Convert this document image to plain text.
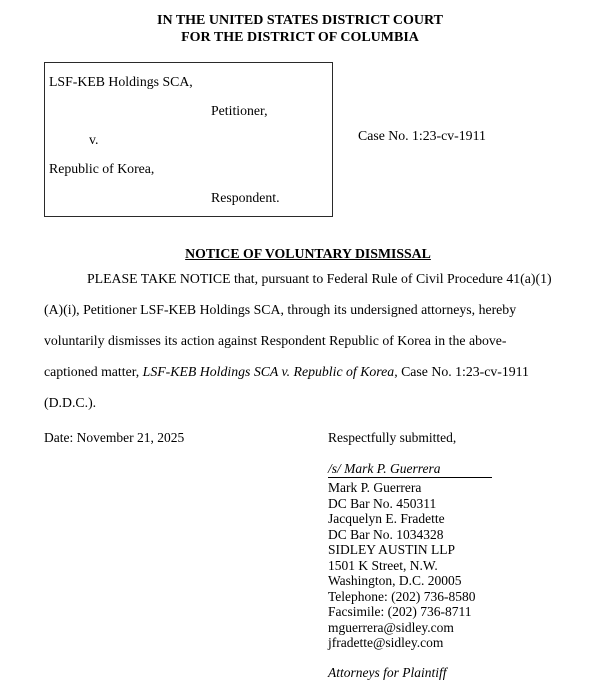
IN THE UNITED STATES DISTRICT COURT
FOR THE DISTRICT OF COLUMBIA
LSF-KEB Holdings SCA,
Petitioner,
v.
Republic of Korea,
Respondent.
Case No. 1:23-cv-1911
NOTICE OF VOLUNTARY DISMISSAL

PLEASE TAKE NOTICE that, pursuant to Federal Rule of Civil Procedure 41(a)(1)(A)(i), Petitioner LSF-KEB Holdings SCA, through its undersigned attorneys, hereby voluntarily dismisses its action against Respondent Republic of Korea in the above-captioned matter, LSF-KEB Holdings SCA v. Republic of Korea, Case No. 1:23-cv-1911 (D.D.C.).

Date: November 21, 2025	Respectfully submitted,
/s/ Mark P. Guerrera
Mark P. Guerrera
DC Bar No. 450311
Jacquelyn E. Fradette
DC Bar No. 1034328
SIDLEY AUSTIN LLP
1501 K Street, N.W.
Washington, D.C. 20005
Telephone: (202) 736-8580
Facsimile: (202) 736-8711
mguerrera@sidley.com
jfradette@sidley.com
Attorneys for Plaintiff
